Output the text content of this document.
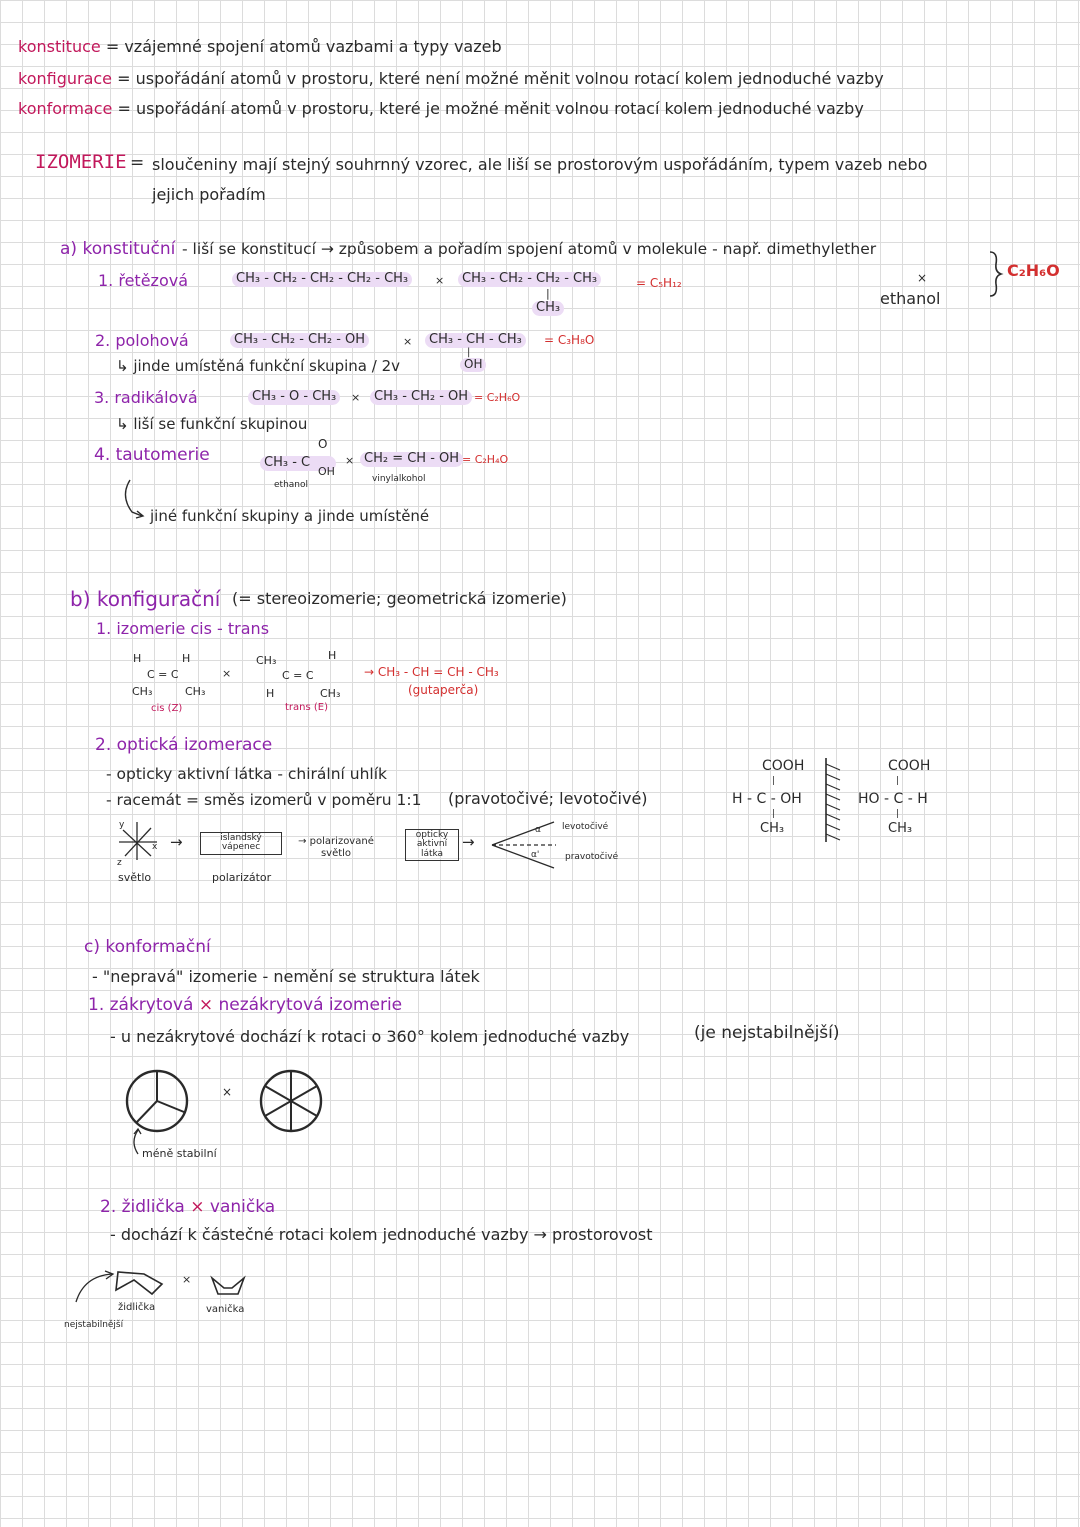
konstituce = vzájemné spojení atomů vazbami a typy vazeb
konfigurace = uspořádání atomů v prostoru, které není možné měnit volnou rotací kolem jednoduché vazby
konformace = uspořádání atomů v prostoru, které je možné měnit volnou rotací kolem jednoduché vazby
IZOMERIE = sloučeniny mají stejný souhrnný vzorec, ale liší se prostorovým uspořádáním, typem vazeb nebo
jejich pořadím
a) konstituční - liší se konstitucí → způsobem a pořadím spojení atomů v molekule - např. dimethylether
×
ethanol
C₂H₆O
1. řetězová	CH₃ - CH₂ - CH₂ - CH₂ - CH₃	×	CH₃ - CH₂ - CH₂ - CH₃
|
CH₃
= C₅H₁₂
2. polohová	CH₃ - CH₂ - CH₂ - OH	×	CH₃ - CH - CH₃
|
OH
= C₃H₈O
↳ jinde umístěná funkční skupina / 2v
3. radikálová	CH₃ - O - CH₃	×	CH₃ - CH₂ - OH = C₂H₆O
↳ liší se funkční skupinou
4. tautomerie	CH₃ - C
O
OH
ethanol
× CH₂ = CH - OH
vinylalkohol
= C₂H₄O
jiné funkční skupiny a jinde umístěné
b) konfigurační (= stereoizomerie; geometrická izomerie)
1. izomerie cis - trans
H	H
C = C
CH₃	CH₃
cis (Z)
×
CH₃	H
C = C
H	CH₃
trans (E)
→ CH₃ - CH = CH - CH₃
(gutaperča)
2. optická izomerace
- opticky aktivní látka - chirální uhlík
- racemát = směs izomerů v poměru 1:1 (pravotočivé; levotočivé)
y
x
z
světlo
→	islandský vápenec
polarizátor
→ polarizované světlo
opticky aktivní látka
→
α
α'
levotočivé
pravotočivé
COOH
|
H - C - OH
|
CH₃
COOH
|
HO - C - H
|
CH₃
c) konformační
- "nepravá" izomerie - nemění se struktura látek
1. zákrytová × nezákrytová izomerie
- u nezákrytové dochází k rotaci o 360° kolem jednoduché vazby	(je nejstabilnější)
×
méně stabilní
2. židlička × vanička
- dochází k částečné rotaci kolem jednoduché vazby → prostorovost
×
židlička	vanička
nejstabilnější
